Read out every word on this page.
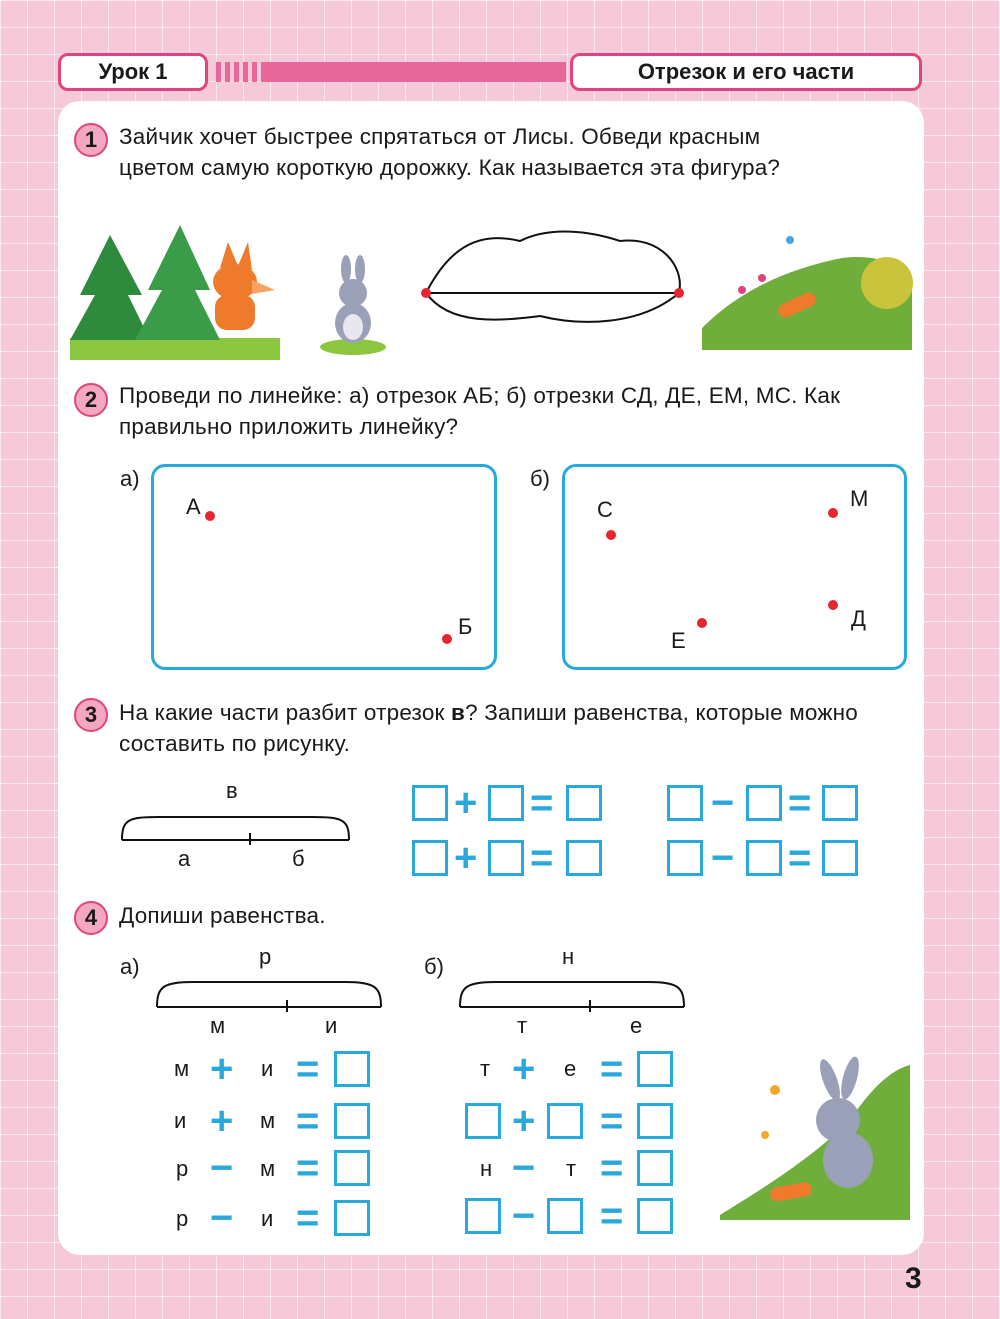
Урок 1	Отрезок и его части
1 Зайчик хочет быстрее спрятаться от Лисы. Обведи красным цветом самую короткую дорожку. Как называется эта фигура?
2 Проведи по линейке: а) отрезок АБ; б) отрезки СД, ДЕ, ЕМ, МС. Как правильно приложить линейку?
а)
А
Б
б)
С	М
Д
Е
3 На какие части разбит отрезок в? Запиши равенства, которые можно составить по рисунку.
в
а	б
+ =
+ =
− =
− =
4 Допиши равенства.
а)	р
м	и
б)	н
т	е
м + и =
и + м =
р − м =
р − и =
т + е =
+ =
н − т =
− =
3
